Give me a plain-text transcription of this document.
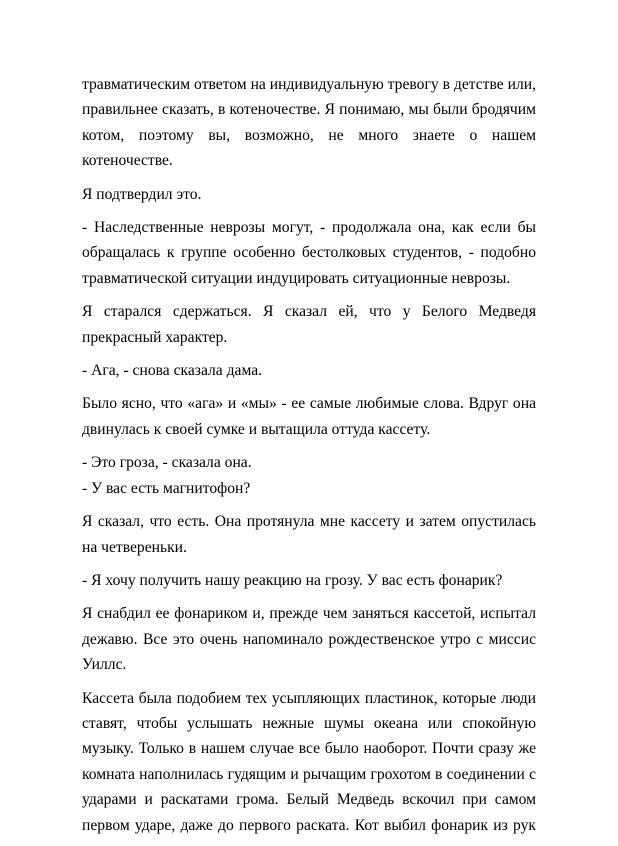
травматическим ответом на индивидуальную тревогу в детстве или, правильнее сказать, в котеночестве. Я понимаю, мы были бродячим котом, поэтому вы, возможно, не много знаете о нашем котеночестве.

Я подтвердил это.

- Наследственные неврозы могут, - продолжала она, как если бы обращалась к группе особенно бестолковых студентов, - подобно травматической ситуации индуцировать ситуационные неврозы.

Я старался сдержаться. Я сказал ей, что у Белого Медведя прекрасный характер.

- Ага, - снова сказала дама.

Было ясно, что «ага» и «мы» - ее самые любимые слова. Вдруг она двинулась к своей сумке и вытащила оттуда кассету.

- Это гроза, - сказала она.

- У вас есть магнитофон?

Я сказал, что есть. Она протянула мне кассету и затем опустилась на четвереньки.

- Я хочу получить нашу реакцию на грозу. У вас есть фонарик?

Я снабдил ее фонариком и, прежде чем заняться кассетой, испытал дежавю. Все это очень напоминало рождественское утро с миссис Уиллс.

Кассета была подобием тех усыпляющих пластинок, которые люди ставят, чтобы услышать нежные шумы океана или спокойную музыку. Только в нашем случае все было наоборот. Почти сразу же комната наполнилась гудящим и рычащим грохотом в соединении с ударами и раскатами грома. Белый Медведь вскочил при самом первом ударе, даже до первого раската. Кот выбил фонарик из рук
